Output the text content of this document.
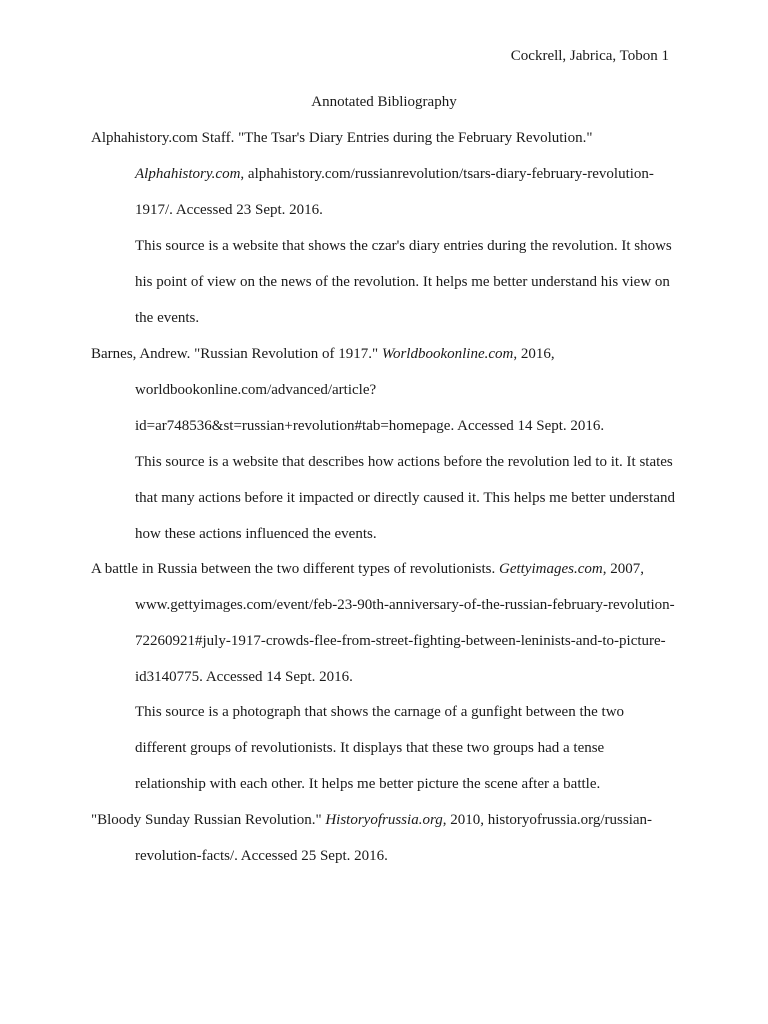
Cockrell, Jabrica, Tobon 1
Annotated Bibliography
Alphahistory.com Staff. "The Tsar's Diary Entries during the February Revolution."
Alphahistory.com, alphahistory.com/russianrevolution/tsars-diary-february-revolution-
1917/. Accessed 23 Sept. 2016.
This source is a website that shows the czar's diary entries during the revolution. It shows
his point of view on the news of the revolution. It helps me better understand his view on
the events.
Barnes, Andrew. "Russian Revolution of 1917." Worldbookonline.com, 2016,
worldbookonline.com/advanced/article?
id=ar748536&st=russian+revolution#tab=homepage. Accessed 14 Sept. 2016.
This source is a website that describes how actions before the revolution led to it. It states
that many actions before it impacted or directly caused it. This helps me better understand
how these actions influenced the events.
A battle in Russia between the two different types of revolutionists. Gettyimages.com, 2007,
www.gettyimages.com/event/feb-23-90th-anniversary-of-the-russian-february-revolution-
72260921#july-1917-crowds-flee-from-street-fighting-between-leninists-and-to-picture-
id3140775. Accessed 14 Sept. 2016.
This source is a photograph that shows the carnage of a gunfight between the two
different groups of revolutionists. It displays that these two groups had a tense
relationship with each other. It helps me better picture the scene after a battle.
"Bloody Sunday Russian Revolution." Historyofrussia.org, 2010, historyofrussia.org/russian-
revolution-facts/. Accessed 25 Sept. 2016.
